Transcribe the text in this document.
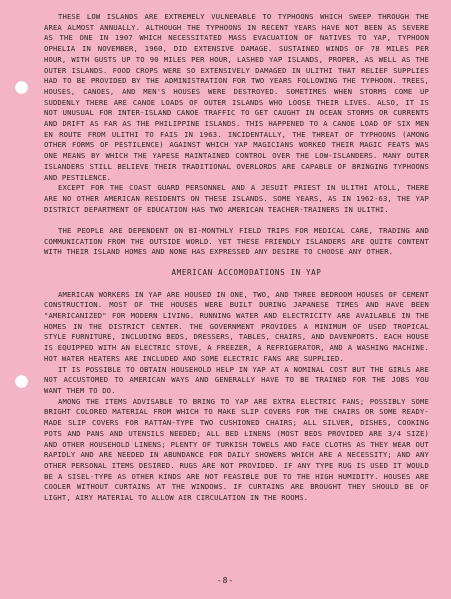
THESE LOW ISLANDS ARE EXTREMELY VULNERABLE TO TYPHOONS WHICH SWEEP THROUGH THE AREA ALMOST ANNUALLY. ALTHOUGH THE TYPHOONS IN RECENT YEARS HAVE NOT BEEN AS SEVERE AS THE ONE IN 1907 WHICH NECESSITATED MASS EVACUATION OF NATIVES TO YAP, TYPHOON OPHELIA IN NOVEMBER, 1960, DID EXTENSIVE DAMAGE. SUSTAINED WINDS OF 78 MILES PER HOUR, WITH GUSTS UP TO 90 MILES PER HOUR, LASHED YAP ISLANDS, PROPER, AS WELL AS THE OUTER ISLANDS. FOOD CROPS WERE SO EXTENSIVELY DAMAGED IN ULITHI THAT RELIEF SUPPLIES HAD TO BE PROVIDED BY THE ADMINISTRATION FOR TWO YEARS FOLLOWING THE TYPHOON. TREES, HOUSES, CANOES, AND MEN'S HOUSES WERE DESTROYED. SOMETIMES WHEN STORMS COME UP SUDDENLY THERE ARE CANOE LOADS OF OUTER ISLANDS WHO LOOSE THEIR LIVES. ALSO, IT IS NOT UNUSUAL FOR INTER-ISLAND CANOE TRAFFIC TO GET CAUGHT IN OCEAN STORMS OR CURRENTS AND DRIFT AS FAR AS THE PHILIPPINE ISLANDS. THIS HAPPENED TO A CANOE LOAD OF SIX MEN EN ROUTE FROM ULITHI TO FAIS IN 1963. INCIDENTALLY, THE THREAT OF TYPHOONS (AMONG OTHER FORMS OF PESTILENCE) AGAINST WHICH YAP MAGICIANS WORKED THEIR MAGIC FEATS WAS ONE MEANS BY WHICH THE YAPESE MAINTAINED CONTROL OVER THE LOW-ISLANDERS. MANY OUTER ISLANDERS STILL BELIEVE THEIR TRADITIONAL OVERLORDS ARE CAPABLE OF BRINGING TYPHOONS AND PESTILENCE.

EXCEPT FOR THE COAST GUARD PERSONNEL AND A JESUIT PRIEST IN ULITHI ATOLL, THERE ARE NO OTHER AMERICAN RESIDENTS ON THESE ISLANDS. SOME YEARS, AS IN 1962-63, THE YAP DISTRICT DEPARTMENT OF EDUCATION HAS TWO AMERICAN TEACHER-TRAINERS IN ULITHI.

THE PEOPLE ARE DEPENDENT ON BI-MONTHLY FIELD TRIPS FOR MEDICAL CARE, TRADING AND COMMUNICATION FROM THE OUTSIDE WORLD. YET THESE FRIENDLY ISLANDERS ARE QUITE CONTENT WITH THEIR ISLAND HOMES AND NONE HAS EXPRESSED ANY DESIRE TO CHOOSE ANY OTHER.

AMERICAN ACCOMODATIONS IN YAP

AMERICAN WORKERS IN YAP ARE HOUSED IN ONE, TWO, AND THREE BEDROOM HOUSES OF CEMENT CONSTRUCTION. MOST OF THE HOUSES WERE BUILT DURING JAPANESE TIMES AND HAVE BEEN "AMERICANIZED" FOR MODERN LIVING. RUNNING WATER AND ELECTRICITY ARE AVAILABLE IN THE HOMES IN THE DISTRICT CENTER. THE GOVERNMENT PROVIDES A MINIMUM OF USED TROPICAL STYLE FURNITURE, INCLUDING BEDS, DRESSERS, TABLES, CHAIRS, AND DAVENPORTS. EACH HOUSE IS EQUIPPED WITH AN ELECTRIC STOVE, A FREEZER, A REFRIGERATOR, AND A WASHING MACHINE. HOT WATER HEATERS ARE INCLUDED AND SOME ELECTRIC FANS ARE SUPPLIED.

IT IS POSSIBLE TO OBTAIN HOUSEHOLD HELP IN YAP AT A NOMINAL COST BUT THE GIRLS ARE NOT ACCUSTOMED TO AMERICAN WAYS AND GENERALLY HAVE TO BE TRAINED FOR THE JOBS YOU WANT THEM TO DO.

AMONG THE ITEMS ADVISABLE TO BRING TO YAP ARE EXTRA ELECTRIC FANS; POSSIBLY SOME BRIGHT COLORED MATERIAL FROM WHICH TO MAKE SLIP COVERS FOR THE CHAIRS OR SOME READY-MADE SLIP COVERS FOR RATTAN-TYPE TWO CUSHIONED CHAIRS; ALL SILVER, DISHES, COOKING POTS AND PANS AND UTENSILS NEEDED; ALL BED LINENS (MOST BEDS PROVIDED ARE 3/4 SIZE) AND OTHER HOUSEHOLD LINENS; PLENTY OF TURKISH TOWELS AND FACE CLOTHS AS THEY WEAR OUT RAPIDLY AND ARE NEEDED IN ABUNDANCE FOR DAILY SHOWERS WHICH ARE A NECESSITY; AND ANY OTHER PERSONAL ITEMS DESIRED. RUGS ARE NOT PROVIDED. IF ANY TYPE RUG IS USED IT WOULD BE A SISEL-TYPE AS OTHER KINDS ARE NOT FEASIBLE DUE TO THE HIGH HUMIDITY. HOUSES ARE COOLER WITHOUT CURTAINS AT THE WINDOWS. IF CURTAINS ARE BROUGHT THEY SHOULD BE OF LIGHT, AIRY MATERIAL TO ALLOW AIR CIRCULATION IN THE ROOMS.

-8-
